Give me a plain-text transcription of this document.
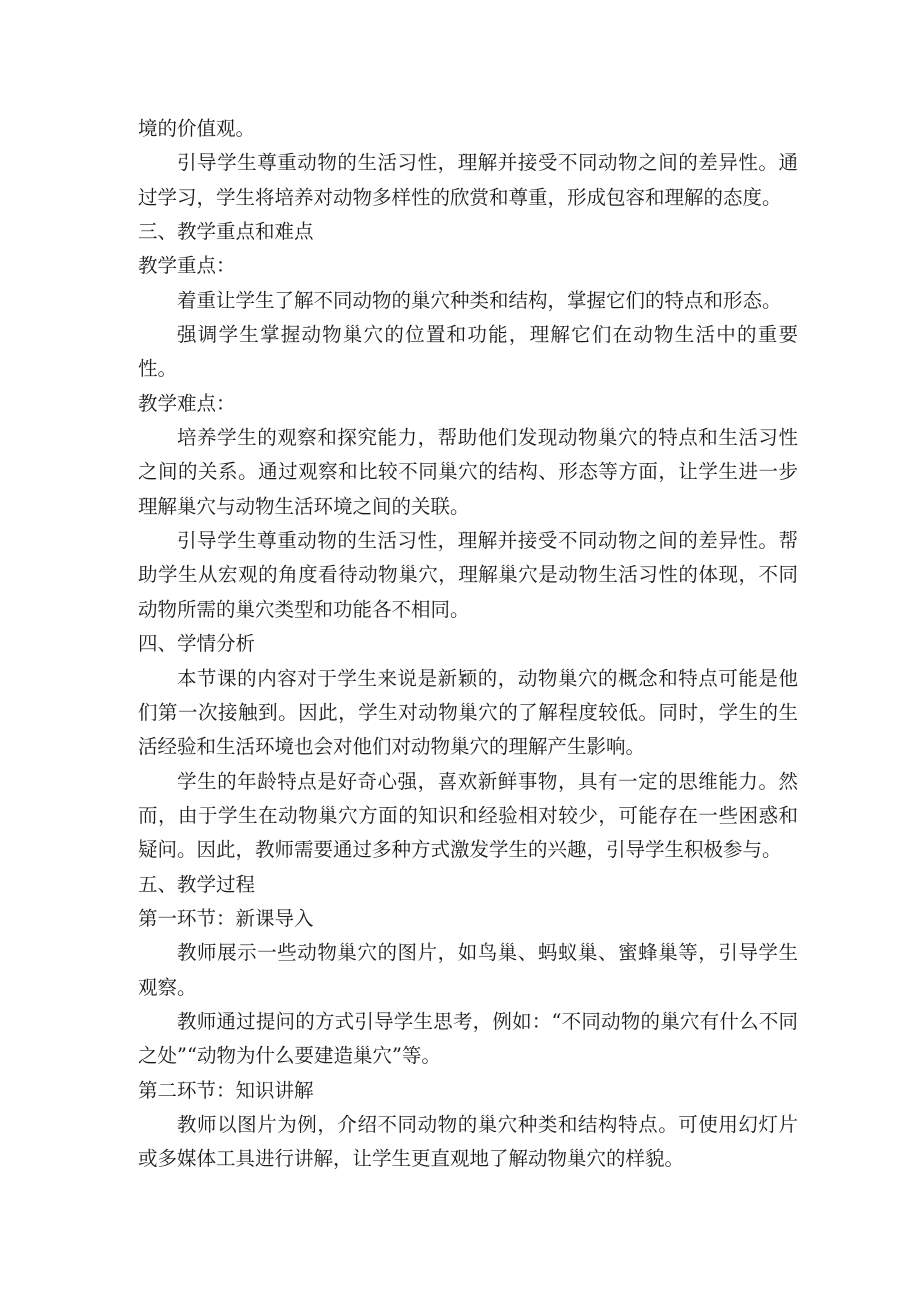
境的价值观。

引导学生尊重动物的生活习性，理解并接受不同动物之间的差异性。通过学习，学生将培养对动物多样性的欣赏和尊重，形成包容和理解的态度。

三、教学重点和难点

教学重点：

着重让学生了解不同动物的巢穴种类和结构，掌握它们的特点和形态。

强调学生掌握动物巢穴的位置和功能，理解它们在动物生活中的重要性。

教学难点：

培养学生的观察和探究能力，帮助他们发现动物巢穴的特点和生活习性之间的关系。通过观察和比较不同巢穴的结构、形态等方面，让学生进一步理解巢穴与动物生活环境之间的关联。

引导学生尊重动物的生活习性，理解并接受不同动物之间的差异性。帮助学生从宏观的角度看待动物巢穴，理解巢穴是动物生活习性的体现，不同动物所需的巢穴类型和功能各不相同。

四、学情分析

本节课的内容对于学生来说是新颖的，动物巢穴的概念和特点可能是他们第一次接触到。因此，学生对动物巢穴的了解程度较低。同时，学生的生活经验和生活环境也会对他们对动物巢穴的理解产生影响。

学生的年龄特点是好奇心强，喜欢新鲜事物，具有一定的思维能力。然而，由于学生在动物巢穴方面的知识和经验相对较少，可能存在一些困惑和疑问。因此，教师需要通过多种方式激发学生的兴趣，引导学生积极参与。

五、教学过程

第一环节：新课导入

教师展示一些动物巢穴的图片，如鸟巢、蚂蚁巢、蜜蜂巢等，引导学生观察。

教师通过提问的方式引导学生思考，例如：“不同动物的巢穴有什么不同之处”“动物为什么要建造巢穴”等。

第二环节：知识讲解

教师以图片为例，介绍不同动物的巢穴种类和结构特点。可使用幻灯片或多媒体工具进行讲解，让学生更直观地了解动物巢穴的样貌。
